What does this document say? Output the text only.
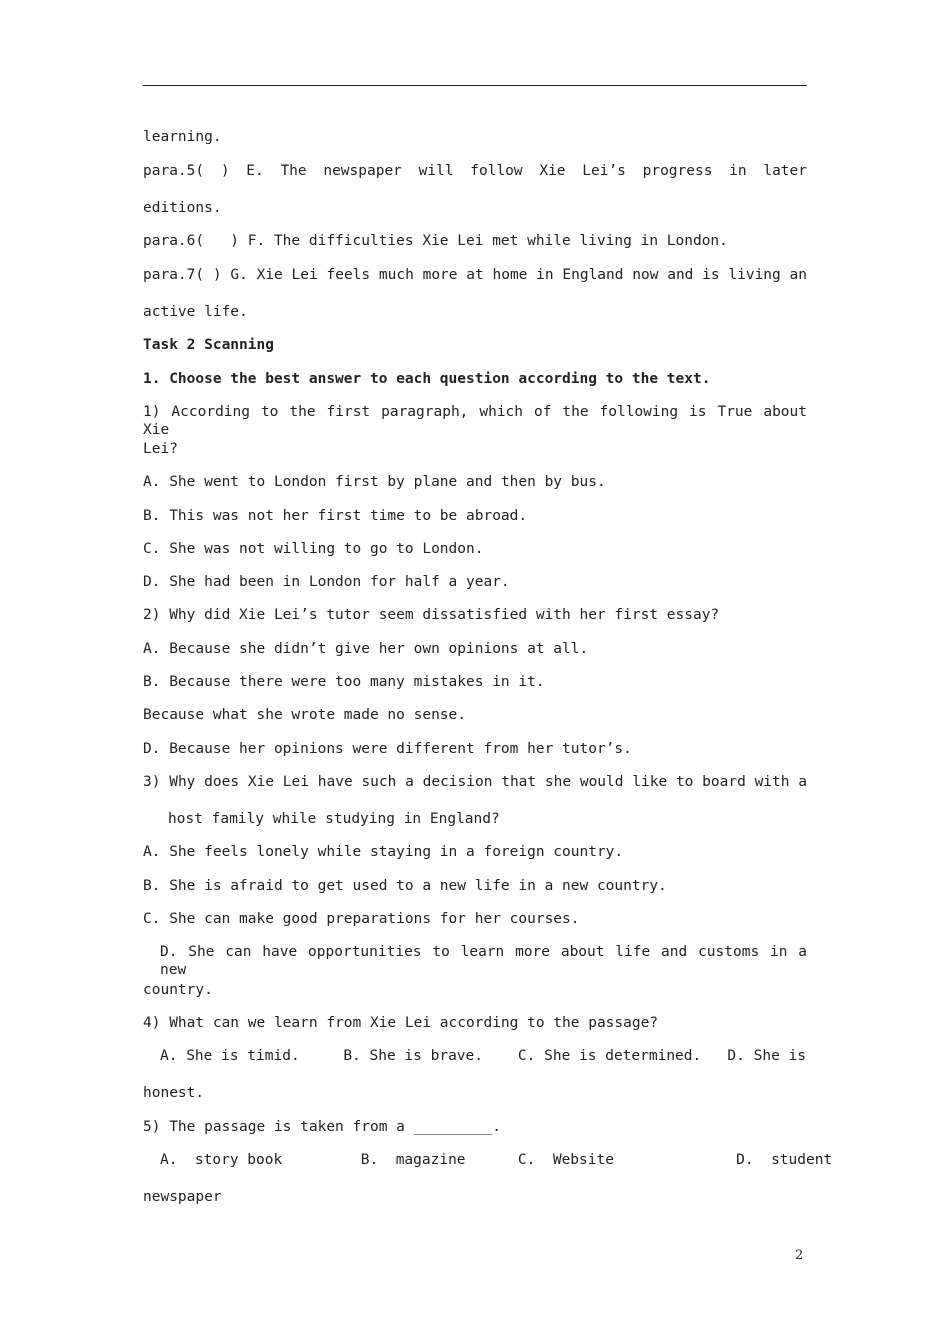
learning.
para.5( ) E. The newspaper will follow Xie Lei’s progress in later
editions.
para.6(   ) F. The difficulties Xie Lei met while living in London.
para.7( ) G. Xie Lei feels much more at home in England now and is living an
active life.
Task 2 Scanning
1. Choose the best answer to each question according to the text.
1) According to the first paragraph, which of the following is True about Xie
Lei?
A. She went to London first by plane and then by bus.
B. This was not her first time to be abroad.
C. She was not willing to go to London.
D. She had been in London for half a year.
2) Why did Xie Lei’s tutor seem dissatisfied with her first essay?
A. Because she didn’t give her own opinions at all.
B. Because there were too many mistakes in it.
Because what she wrote made no sense.
D. Because her opinions were different from her tutor’s.
3) Why does Xie Lei have such a decision that she would like to board with a
host family while studying in England?
A. She feels lonely while staying in a foreign country.
B. She is afraid to get used to a new life in a new country.
C. She can make good preparations for her courses.
D. She can have opportunities to learn more about life and customs in a new
country.
4) What can we learn from Xie Lei according to the passage?
A. She is timid.     B. She is brave.    C. She is determined.   D. She is
honest.
5) The passage is taken from a _________.
A.  story book         B.  magazine      C.  Website              D.  student
newspaper
2
